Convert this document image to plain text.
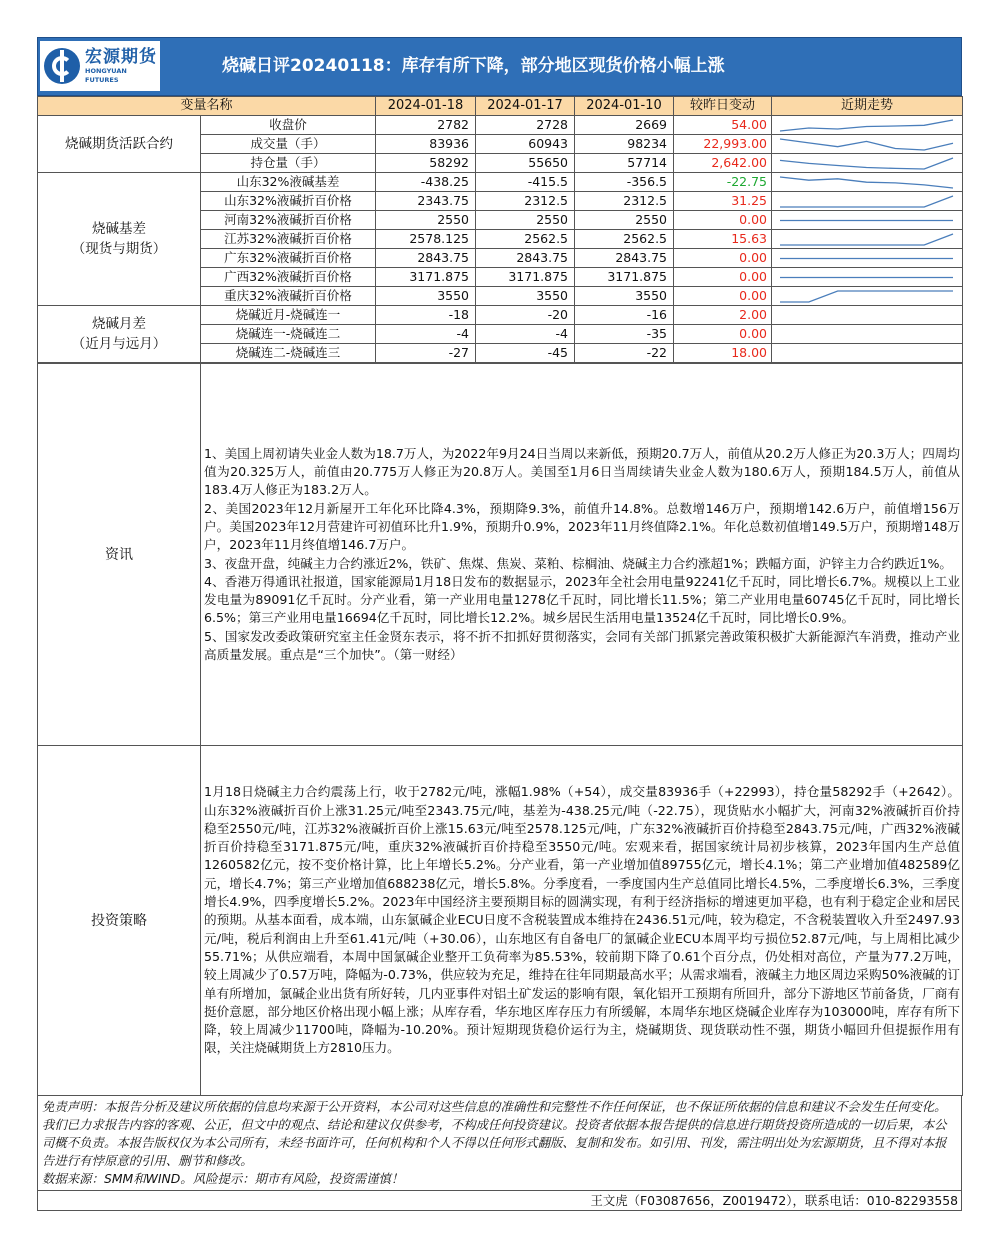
宏源期货
HONGYUAN FUTURES
烧碱日评20240118：库存有所下降，部分地区现货价格小幅上涨
变量名称		2024-01-18	2024-01-17	2024-01-10	较昨日变动	近期走势
烧碱期货活跃合约	收盘价	2782	2728	2669	54.00	

	成交量（手）	83936	60943	98234	22,993.00	

	持仓量（手）	58292	55650	57714	2,642.00	

烧碱基差
（现货与期货）	山东32%液碱基差	-438.25	-415.5	-356.5	-22.75	

	山东32%液碱折百价格	2343.75	2312.5	2312.5	31.25	

	河南32%液碱折百价格	2550	2550	2550	0.00	

	江苏32%液碱折百价格	2578.125	2562.5	2562.5	15.63	

	广东32%液碱折百价格	2843.75	2843.75	2843.75	0.00	

	广西32%液碱折百价格	3171.875	3171.875	3171.875	0.00	

	重庆32%液碱折百价格	3550	3550	3550	0.00	

烧碱月差
（近月与远月）	烧碱近月-烧碱连一	-18	-20	-16	2.00	
	烧碱连一-烧碱连二	-4	-4	-35	0.00	
	烧碱连二-烧碱连三	-27	-45	-22	18.00	
资讯	1、美国上周初请失业金人数为18.7万人，为2022年9月24日当周以来新低，预期20.7万人，前值从20.2万人修正为20.3万人；四周均值为20.325万人，前值由20.775万人修正为20.8万人。美国至1月6日当周续请失业金人数为180.6万人，预期184.5万人，前值从183.4万人修正为183.2万人。

2、美国2023年12月新屋开工年化环比降4.3%，预期降9.3%，前值升14.8%。总数增146万户，预期增142.6万户，前值增156万户。美国2023年12月营建许可初值环比升1.9%，预期升0.9%，2023年11月终值降2.1%。年化总数初值增149.5万户，预期增148万户，2023年11月终值增146.7万户。

3、夜盘开盘，纯碱主力合约涨近2%，铁矿、焦煤、焦炭、菜粕、棕榈油、烧碱主力合约涨超1%；跌幅方面，沪锌主力合约跌近1%。

4、香港万得通讯社报道，国家能源局1月18日发布的数据显示，2023年全社会用电量92241亿千瓦时，同比增长6.7%。规模以上工业发电量为89091亿千瓦时。分产业看，第一产业用电量1278亿千瓦时，同比增长11.5%；第二产业用电量60745亿千瓦时，同比增长6.5%；第三产业用电量16694亿千瓦时，同比增长12.2%。城乡居民生活用电量13524亿千瓦时，同比增长0.9%。

5、国家发改委政策研究室主任金贤东表示，将不折不扣抓好贯彻落实，会同有关部门抓紧完善政策积极扩大新能源汽车消费，推动产业高质量发展。重点是“三个加快”。（第一财经）

投资策略	1月18日烧碱主力合约震荡上行，收于2782元/吨，涨幅1.98%（+54），成交量83936手（+22993），持仓量58292手（+2642）。山东32%液碱折百价上涨31.25元/吨至2343.75元/吨，基差为-438.25元/吨（-22.75），现货贴水小幅扩大，河南32%液碱折百价持稳至2550元/吨，江苏32%液碱折百价上涨15.63元/吨至2578.125元/吨，广东32%液碱折百价持稳至2843.75元/吨，广西32%液碱折百价持稳至3171.875元/吨，重庆32%液碱折百价持稳至3550元/吨。宏观来看，据国家统计局初步核算，2023年国内生产总值1260582亿元，按不变价格计算，比上年增长5.2%。分产业看，第一产业增加值89755亿元，增长4.1%；第二产业增加值482589亿元，增长4.7%；第三产业增加值688238亿元，增长5.8%。分季度看，一季度国内生产总值同比增长4.5%，二季度增长6.3%，三季度增长4.9%，四季度增长5.2%。2023年中国经济主要预期目标的圆满实现，有利于经济指标的增速更加平稳，也有利于稳定企业和居民的预期。从基本面看，成本端，山东氯碱企业ECU日度不含税装置成本维持在2436.51元/吨，较为稳定，不含税装置收入升至2497.93元/吨，税后利润由上升至61.41元/吨（+30.06），山东地区有自备电厂的氯碱企业ECU本周平均亏损位52.87元/吨，与上周相比减少55.71%；从供应端看，本周中国氯碱企业整开工负荷率为85.53%，较前期下降了0.61个百分点，仍处相对高位，产量为77.2万吨，较上周减少了0.57万吨，降幅为-0.73%，供应较为充足，维持在往年同期最高水平；从需求端看，液碱主力地区周边采购50%液碱的订单有所增加，氯碱企业出货有所好转，几内亚事件对铝土矿发运的影响有限，氧化铝开工预期有所回升，部分下游地区节前备货，厂商有挺价意愿，部分地区价格出现小幅上涨；从库存看，华东地区库存压力有所缓解，本周华东地区烧碱企业库存为103000吨，库存有所下降，较上周减少11700吨，降幅为-10.20%。预计短期现货稳价运行为主，烧碱期货、现货联动性不强，期货小幅回升但提振作用有限，关注烧碱期货上方2810压力。
免责声明：本报告分析及建议所依据的信息均来源于公开资料，本公司对这些信息的准确性和完整性不作任何保证，也不保证所依据的信息和建议不会发生任何变化。我们已力求报告内容的客观、公正，但文中的观点、结论和建议仅供参考，不构成任何投资建议。投资者依据本报告提供的信息进行期货投资所造成的一切后果，本公司概不负责。本报告版权仅为本公司所有，未经书面许可，任何机构和个人不得以任何形式翻版、复制和发布。如引用、刊发，需注明出处为宏源期货，且不得对本报告进行有悖原意的引用、删节和修改。
数据来源：SMM和WIND。风险提示：期市有风险，投资需谨慎！
王文虎（F03087656，Z0019472），联系电话：010-82293558
